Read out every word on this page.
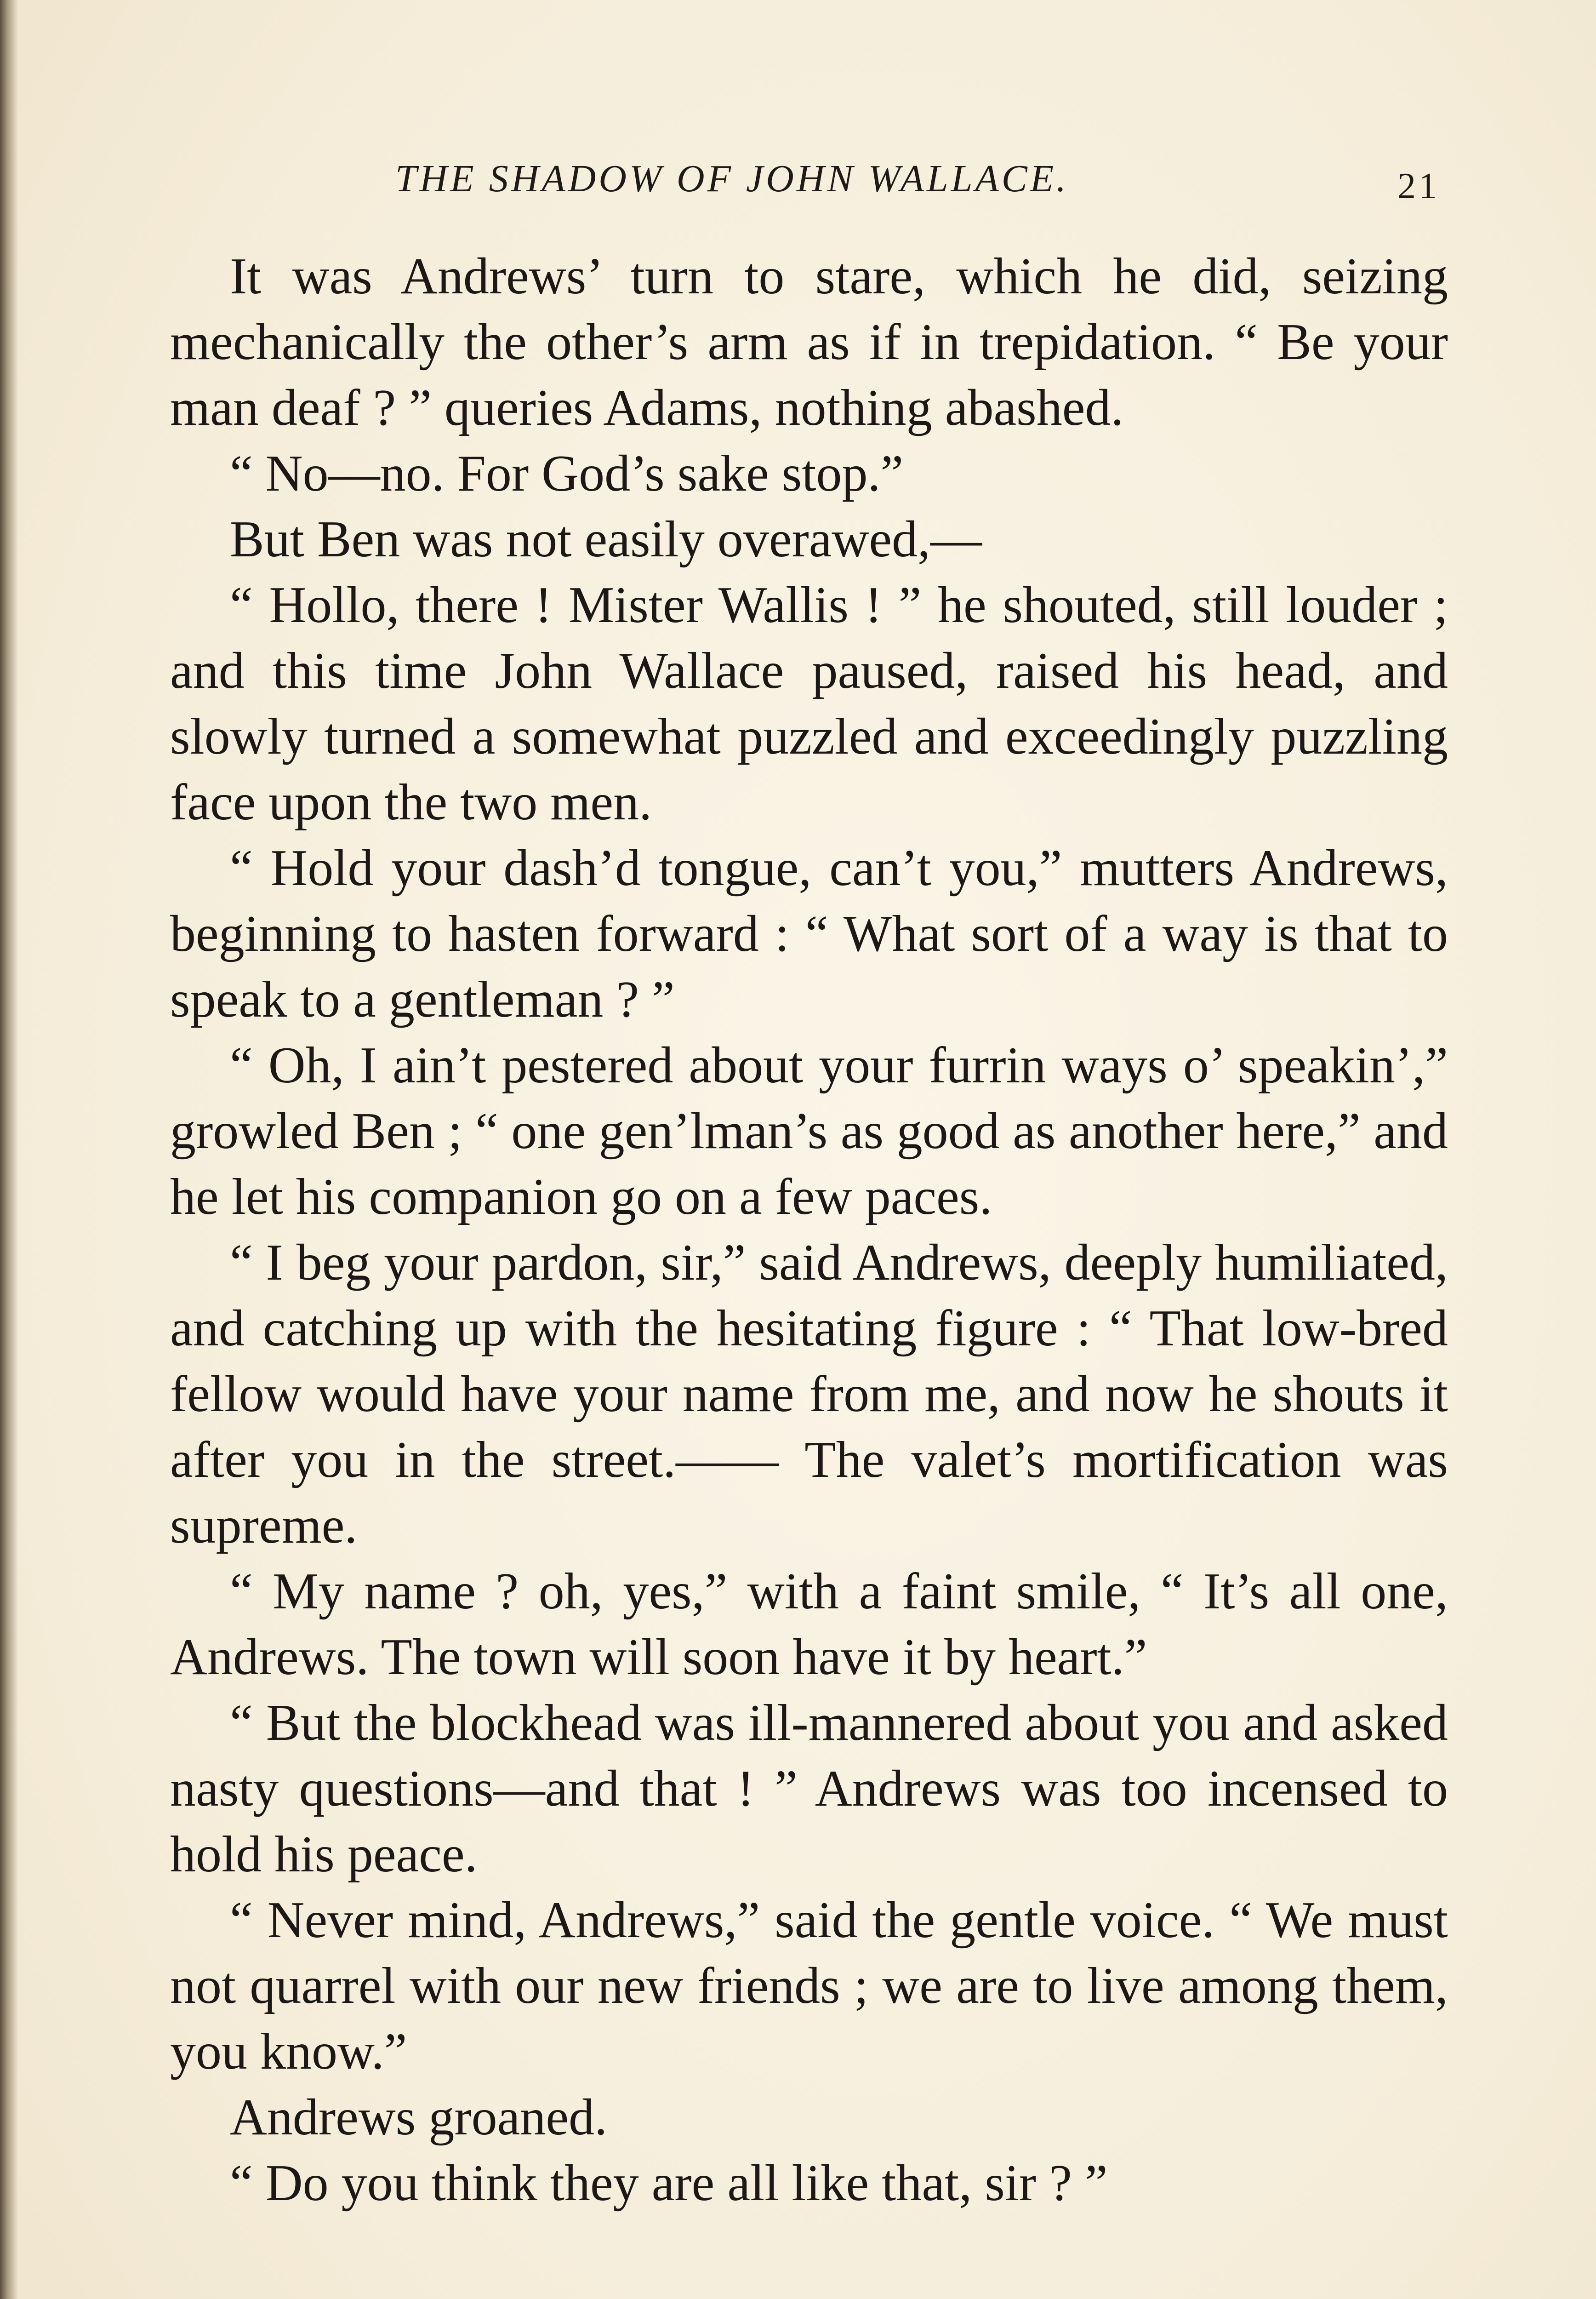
THE SHADOW OF JOHN WALLACE.	21

It was Andrews’ turn to stare, which he did, seizing mechanically the other’s arm as if in trepidation. “ Be your man deaf ? ” queries Adams, nothing abashed.

“ No—no. For God’s sake stop.”

But Ben was not easily overawed,—

“ Hollo, there ! Mister Wallis ! ” he shouted, still louder ; and this time John Wallace paused, raised his head, and slowly turned a somewhat puzzled and exceedingly puzzling face upon the two men.

“ Hold your dash’d tongue, can’t you,” mutters Andrews, beginning to hasten forward : “ What sort of a way is that to speak to a gentleman ? ”

“ Oh, I ain’t pestered about your furrin ways o’ speakin’,” growled Ben ; “ one gen’lman’s as good as another here,” and he let his companion go on a few paces.

“ I beg your pardon, sir,” said Andrews, deeply humiliated, and catching up with the hesitating figure : “ That low-bred fellow would have your name from me, and now he shouts it after you in the street.—— The valet’s mortification was supreme.

“ My name ? oh, yes,” with a faint smile, “ It’s all one, Andrews. The town will soon have it by heart.”

“ But the blockhead was ill-mannered about you and asked nasty questions—and that ! ” Andrews was too incensed to hold his peace.

“ Never mind, Andrews,” said the gentle voice. “ We must not quarrel with our new friends ; we are to live among them, you know.”

Andrews groaned.

“ Do you think they are all like that, sir ? ”
